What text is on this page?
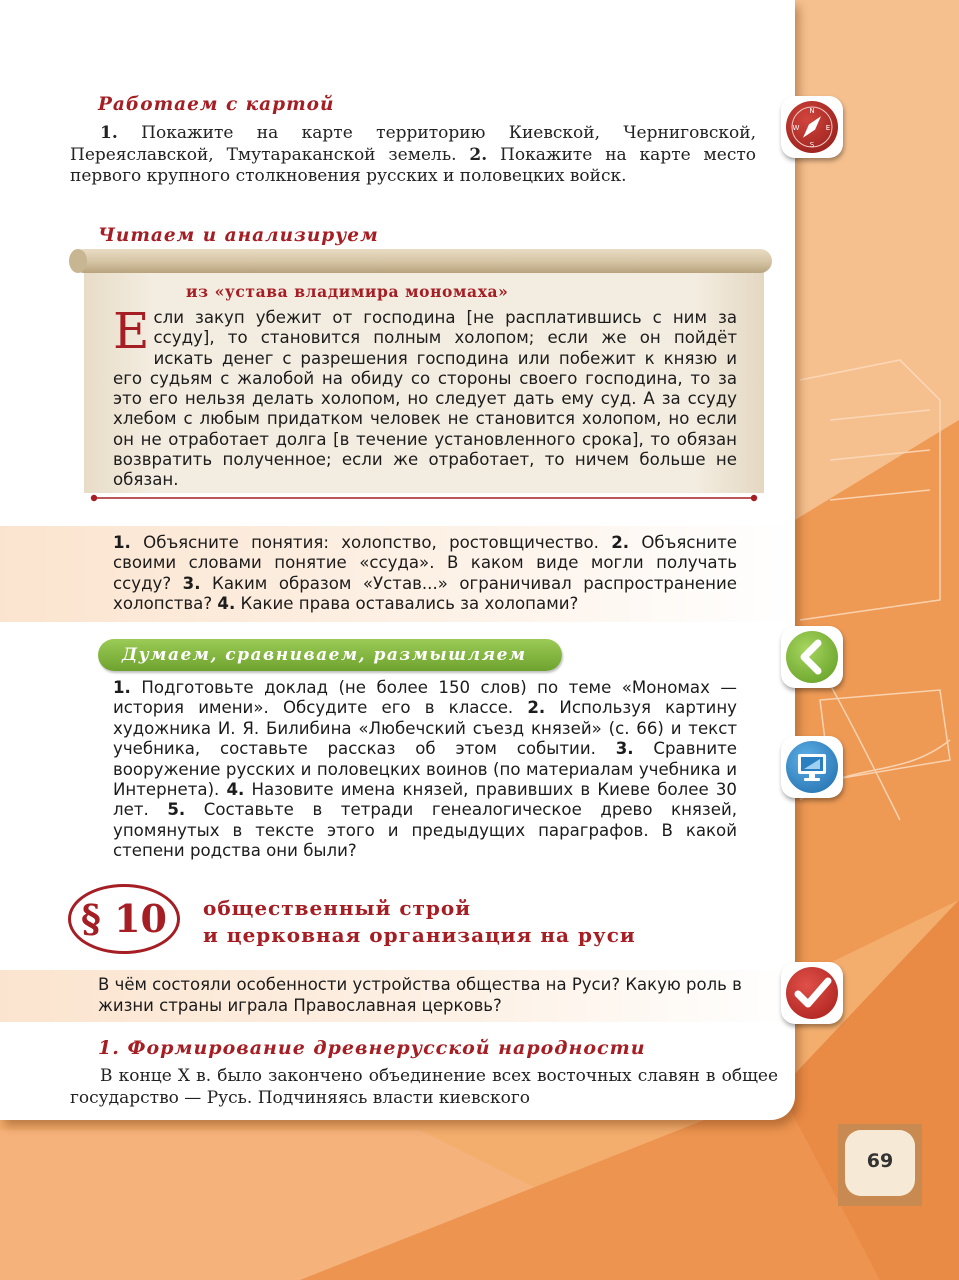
Работаем с картой
1. Покажите на карте территорию Киевской, Черниговской, Переяславской, Тмутараканской земель. 2. Покажите на карте место первого крупного столкновения русских и половецких войск.
Читаем и анализируем
из «устава владимира мономаха»
Е сли закуп убежит от господина [не расплатившись с ним за ссуду], то становится полным холопом; если же он пойдёт искать денег с разрешения господина или побежит к князю и его судьям с жалобой на обиду со стороны своего господина, то за это его нельзя делать холопом, но следует дать ему суд. А за ссуду хлебом с любым придатком человек не становится холопом, но если он не отработает долга [в течение установленного срока], то обязан возвратить полученное; если же отработает, то ничем больше не обязан.
1. Объясните понятия: холопство, ростовщичество. 2. Объясните своими словами понятие «ссуда». В каком виде могли получать ссуду? 3. Каким образом «Устав...» ограничивал распространение холопства? 4. Какие права оставались за холопами?
Думаем, сравниваем, размышляем
1. Подготовьте доклад (не более 150 слов) по теме «Мономах — история имени». Обсудите его в классе. 2. Используя картину художника И. Я. Билибина «Любечский съезд князей» (с. 66) и текст учебника, составьте рассказ об этом событии. 3. Сравните вооружение русских и половецких воинов (по материалам учебника и Интернета). 4. Назовите имена князей, правивших в Киеве более 30 лет. 5. Составьте в тетради генеалогическое древо князей, упомянутых в тексте этого и предыдущих параграфов. В какой степени родства они были?
§ 10	общественный строй
и церковная организация на руси
В чём состояли особенности устройства общества на Руси? Какую роль в жизни страны играла Православная церковь?
1. Формирование древнерусской народности
В конце X в. было закончено объединение всех восточных славян в общее государство — Русь. Подчиняясь власти киевского
N
E
S
W
69
